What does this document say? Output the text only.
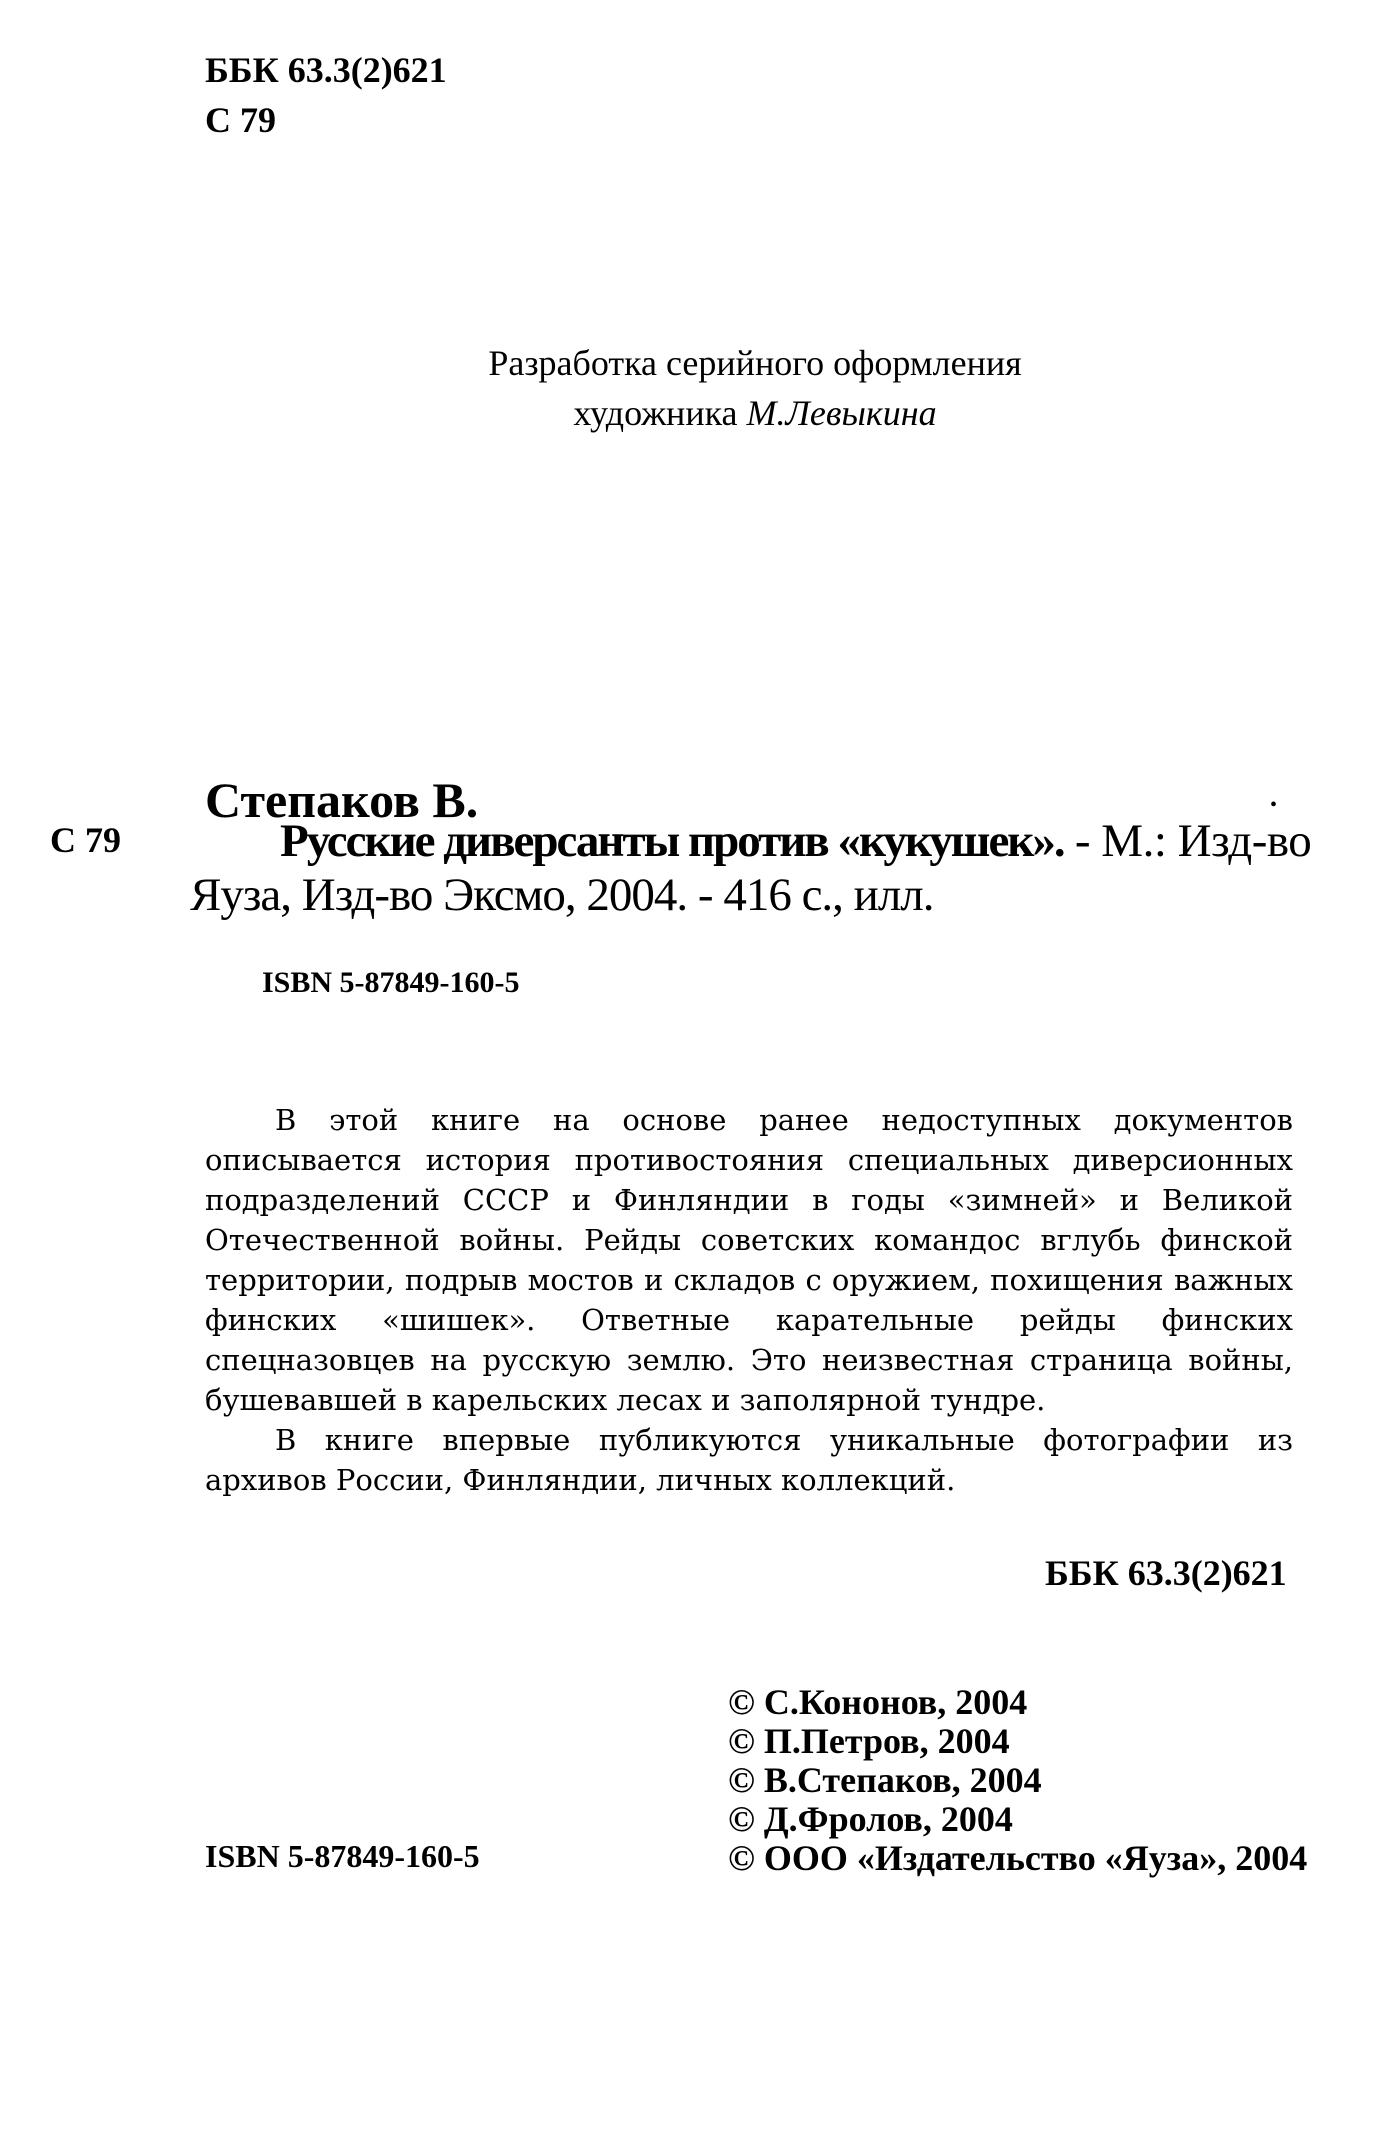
ББК 63.3(2)621
С 79
Разработка серийного оформления
художника М.Левыкина
Степаков В.	•
С 79	Русские диверсанты против «кукушек». - М.: Изд-во
Яуза, Изд-во Эксмо, 2004. - 416 с., илл.
ISBN 5-87849-160-5

В этой книге на основе ранее недоступных документов описывается история противостояния специальных диверсионных подразделений СССР и Финляндии в годы «зимней» и Великой Отечественной войны. Рейды советских командос вглубь финской территории, подрыв мостов и складов с оружием, похищения важных финских «шишек». Ответные карательные рейды финских спецназовцев на русскую землю. Это неизвестная страница войны, бушевавшей в карельских лесах и заполярной тундре.

В книге впервые публикуются уникальные фотографии из архивов России, Финляндии, личных коллекций.

ББК 63.3(2)621
© С.Кононов, 2004
© П.Петров, 2004
© В.Степаков, 2004
© Д.Фролов, 2004
© ООО «Издательство «Яуза», 2004
ISBN 5-87849-160-5
